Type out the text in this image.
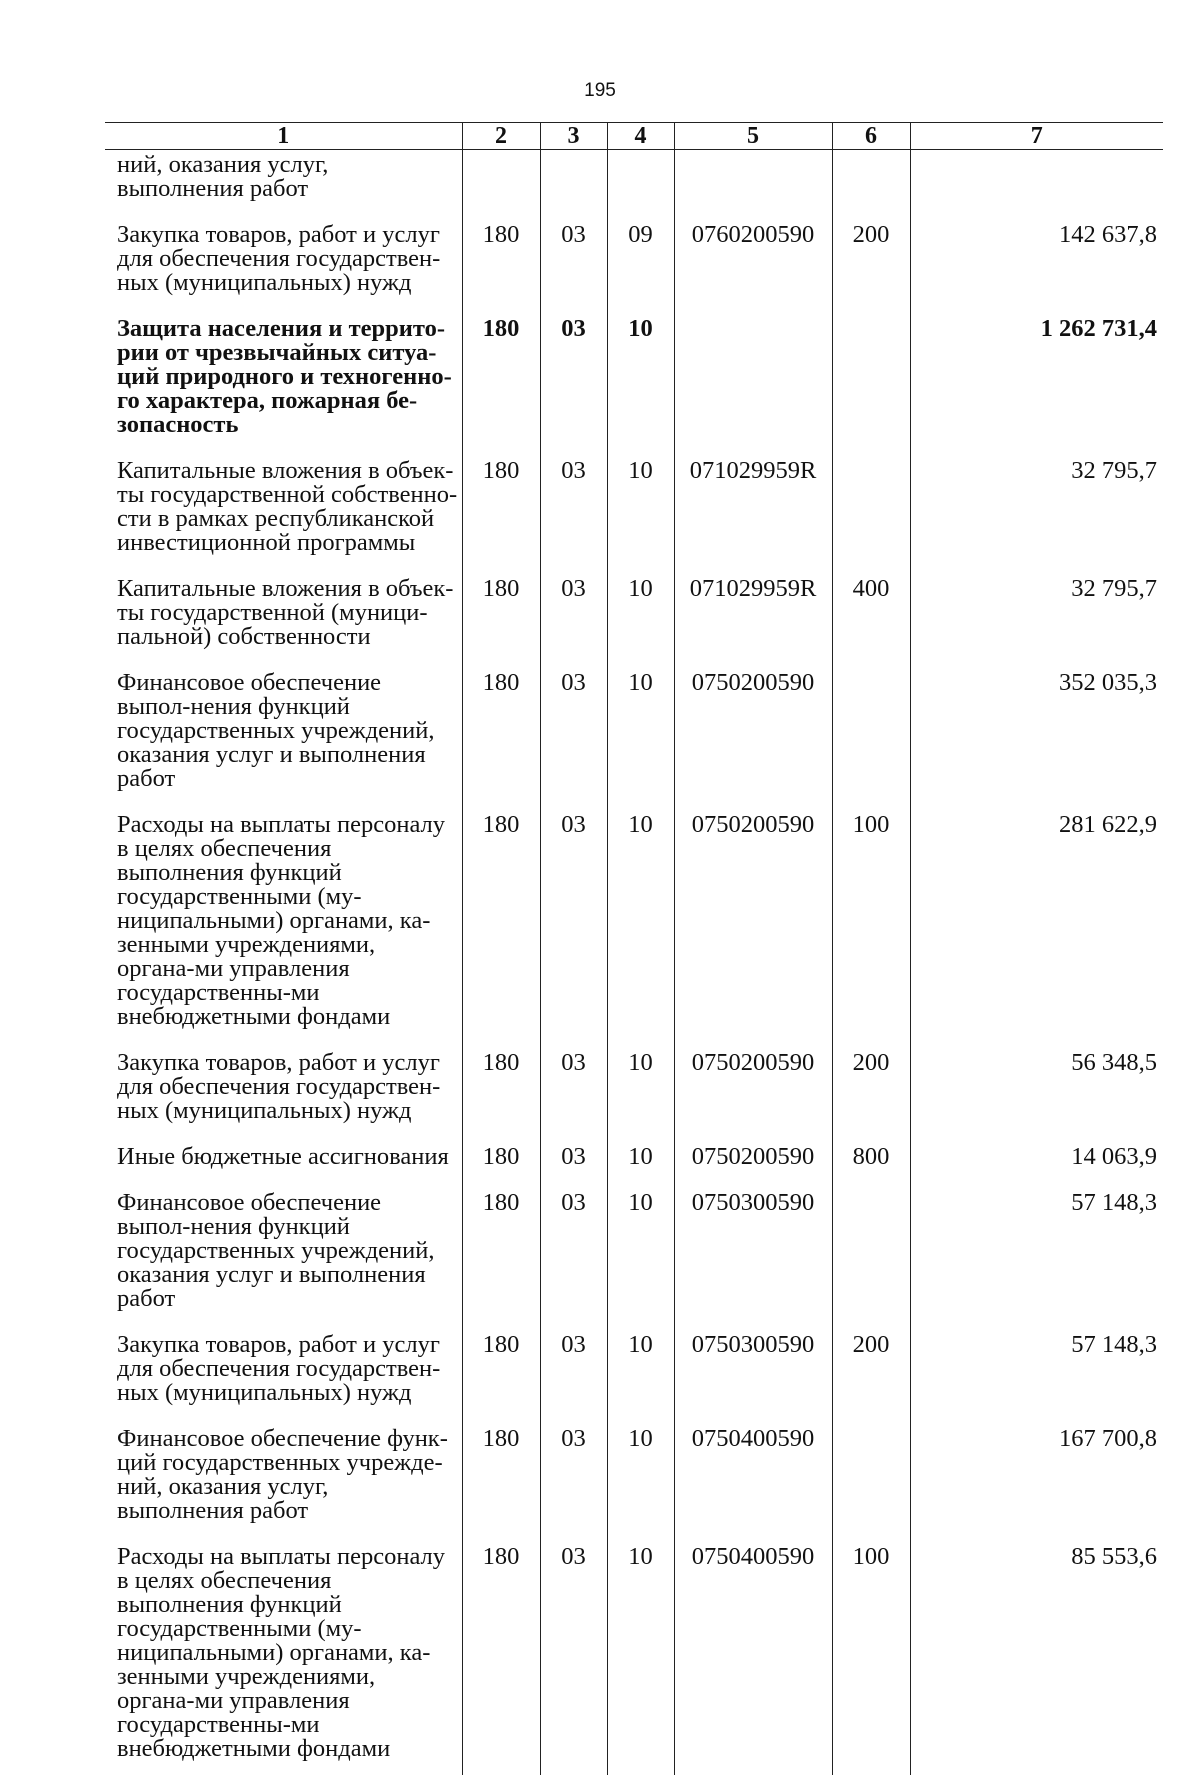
195
1	2	3	4	5	6	7
ний, оказания услуг, выполнения работ						
Закупка товаров, работ и услуг для обеспечения государствен-ных (муниципальных) нужд	180	03	09	0760200590	200	142 637,8
Защита населения и террито-рии от чрезвычайных ситуа-ций природного и техногенно-го характера, пожарная бе-зопасность	180	03	10			1 262 731,4
Капитальные вложения в объек-ты государственной собственно-сти в рамках республиканской инвестиционной программы	180	03	10	071029959R		32 795,7
Капитальные вложения в объек-ты государственной (муници-пальной) собственности	180	03	10	071029959R	400	32 795,7
Финансовое обеспечение выпол-нения функций государственных учреждений, оказания услуг и выполнения работ	180	03	10	0750200590		352 035,3
Расходы на выплаты персоналу в целях обеспечения выполнения функций государственными (му-ниципальными) органами, ка-зенными учреждениями, органа-ми управления государственны-ми внебюджетными фондами	180	03	10	0750200590	100	281 622,9
Закупка товаров, работ и услуг для обеспечения государствен-ных (муниципальных) нужд	180	03	10	0750200590	200	56 348,5
Иные бюджетные ассигнования	180	03	10	0750200590	800	14 063,9
Финансовое обеспечение выпол-нения функций государственных учреждений, оказания услуг и выполнения работ	180	03	10	0750300590		57 148,3
Закупка товаров, работ и услуг для обеспечения государствен-ных (муниципальных) нужд	180	03	10	0750300590	200	57 148,3
Финансовое обеспечение функ-ций государственных учрежде-ний, оказания услуг, выполнения работ	180	03	10	0750400590		167 700,8
Расходы на выплаты персоналу в целях обеспечения выполнения функций государственными (му-ниципальными) органами, ка-зенными учреждениями, органа-ми управления государственны-ми внебюджетными фондами	180	03	10	0750400590	100	85 553,6
